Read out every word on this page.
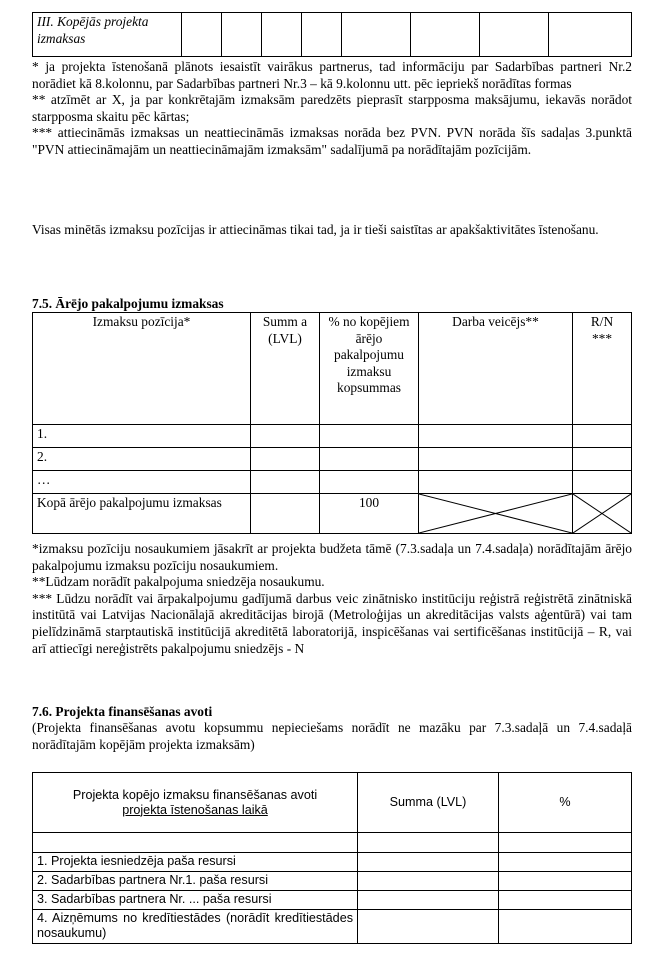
III. Kopējās projekta izmaksas								

* ja projekta īstenošanā plānots iesaistīt vairākus partnerus, tad informāciju par Sadarbības partneri Nr.2 norādiet kā 8.kolonnu, par Sadarbības partneri Nr.3 – kā 9.kolonnu utt. pēc iepriekš norādītas formas

** atzīmēt ar X, ja par konkrētajām izmaksām paredzēts pieprasīt starpposma maksājumu, iekavās norādot starpposma skaitu pēc kārtas;

*** attiecināmās izmaksas un neattiecināmās izmaksas norāda bez PVN. PVN norāda šīs sadaļas 3.punktā "PVN attiecināmajām un neattiecināmajām izmaksām" sadalījumā pa norādītajām pozīcijām.

Visas minētās izmaksu pozīcijas ir attiecināmas tikai tad, ja ir tieši saistītas ar apakšaktivitātes īstenošanu.

7.5. Ārējo pakalpojumu izmaksas
Izmaksu pozīcija*	Summ a (LVL)	% no kopējiem ārējo pakalpojumu izmaksu kopsummas	Darba veicējs**	R/N ***
1.				
2.				
…				
Kopā ārējo pakalpojumu izmaksas		100	

*izmaksu pozīciju nosaukumiem jāsakrīt ar projekta budžeta tāmē (7.3.sadaļa un 7.4.sadaļa) norādītajām ārējo pakalpojumu izmaksu pozīciju nosaukumiem.

**Lūdzam norādīt pakalpojuma sniedzēja nosaukumu.

*** Lūdzu norādīt vai ārpakalpojumu gadījumā darbus veic zinātnisko institūciju reģistrā reģistrētā zinātniskā institūtā vai Latvijas Nacionālajā akreditācijas birojā (Metroloģijas un akreditācijas valsts aģentūrā) vai tam pielīdzināmā starptautiskā institūcijā akreditētā laboratorijā, inspicēšanas vai sertificēšanas institūcijā – R, vai arī attiecīgi nereģistrēts pakalpojumu sniedzējs - N

7.6. Projekta finansēšanas avoti

(Projekta finansēšanas avotu kopsummu nepieciešams norādīt ne mazāku par 7.3.sadaļā un 7.4.sadaļā norādītajām kopējām projekta izmaksām)

Projekta kopējo izmaksu finansēšanas avoti
projekta īstenošanas laikā	Summa (LVL)	%

1. Projekta iesniedzēja paša resursi		
2. Sadarbības partnera Nr.1. paša resursi		
3. Sadarbības partnera Nr. ... paša resursi		
4. Aizņēmums no kredītiestādes (norādīt kredītiestādes nosaukumu)		
